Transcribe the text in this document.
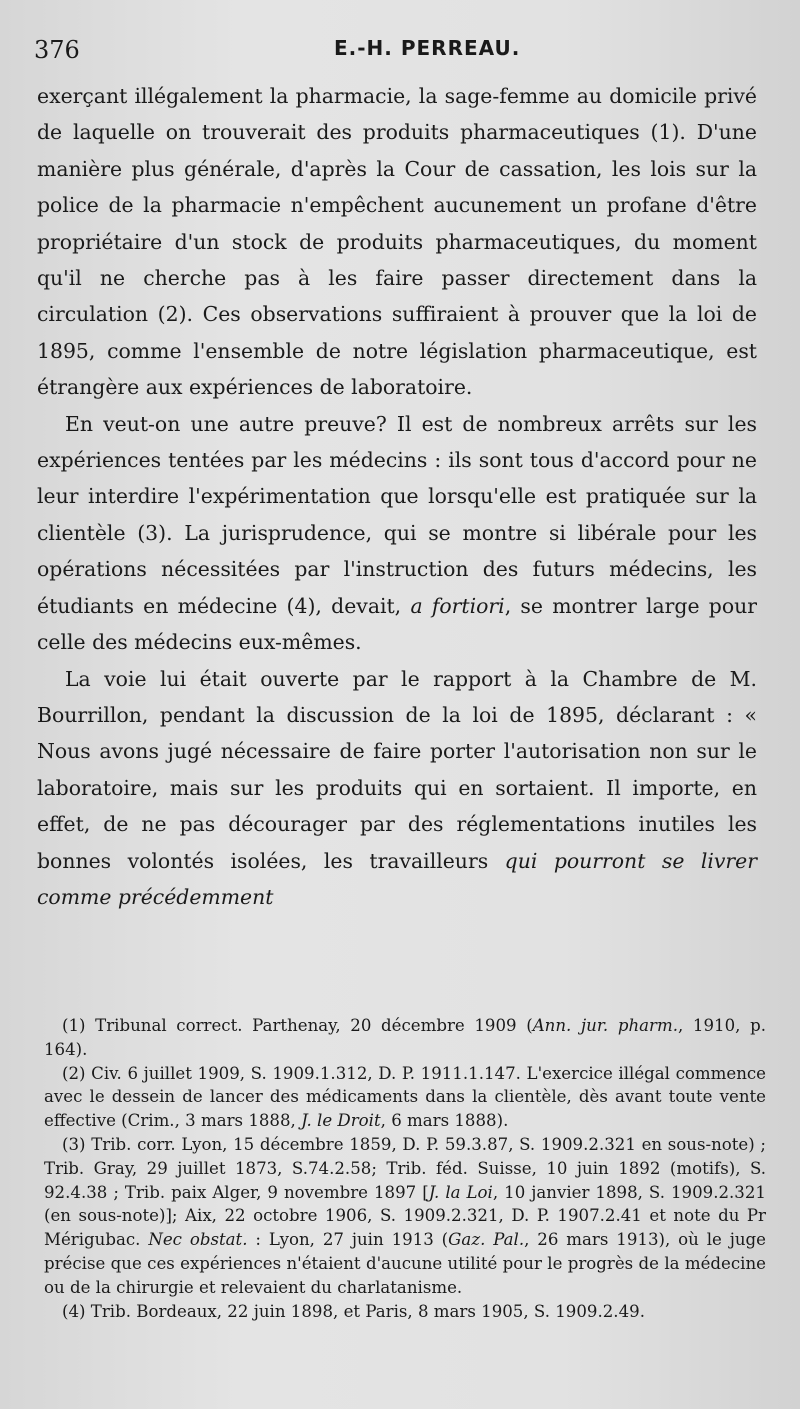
376	E.-H. PERREAU.

exerçant illégalement la pharmacie, la sage-femme au domicile privé de laquelle on trouverait des produits pharmaceutiques (1). D'une manière plus générale, d'après la Cour de cassation, les lois sur la police de la pharmacie n'empêchent aucunement un profane d'être propriétaire d'un stock de produits pharmaceutiques, du moment qu'il ne cherche pas à les faire passer directement dans la circulation (2). Ces observations suffiraient à prouver que la loi de 1895, comme l'ensemble de notre législation pharmaceutique, est étrangère aux expériences de laboratoire.

En veut-on une autre preuve? Il est de nombreux arrêts sur les expériences tentées par les médecins : ils sont tous d'accord pour ne leur interdire l'expérimentation que lorsqu'elle est pratiquée sur la clientèle (3). La jurisprudence, qui se montre si libérale pour les opérations nécessitées par l'instruction des futurs médecins, les étudiants en médecine (4), devait, a fortiori, se montrer large pour celle des médecins eux-mêmes.

La voie lui était ouverte par le rapport à la Chambre de M. Bourrillon, pendant la discussion de la loi de 1895, déclarant : « Nous avons jugé nécessaire de faire porter l'autorisation non sur le laboratoire, mais sur les produits qui en sortaient. Il importe, en effet, de ne pas décourager par des réglementations inutiles les bonnes volontés isolées, les travailleurs qui pourront se livrer comme précédemment

(1) Tribunal correct. Parthenay, 20 décembre 1909 (Ann. jur. pharm., 1910, p. 164).

(2) Civ. 6 juillet 1909, S. 1909.1.312, D. P. 1911.1.147. L'exercice illégal commence avec le dessein de lancer des médicaments dans la clientèle, dès avant toute vente effective (Crim., 3 mars 1888, J. le Droit, 6 mars 1888).

(3) Trib. corr. Lyon, 15 décembre 1859, D. P. 59.3.87, S. 1909.2.321 en sous-note) ; Trib. Gray, 29 juillet 1873, S.74.2.58; Trib. féd. Suisse, 10 juin 1892 (motifs), S. 92.4.38 ; Trib. paix Alger, 9 novembre 1897 [J. la Loi, 10 janvier 1898, S. 1909.2.321 (en sous-note)]; Aix, 22 octobre 1906, S. 1909.2.321, D. P. 1907.2.41 et note du Pr Mérigubac. Nec obstat. : Lyon, 27 juin 1913 (Gaz. Pal., 26 mars 1913), où le juge précise que ces expériences n'étaient d'aucune utilité pour le progrès de la médecine ou de la chirurgie et relevaient du charlatanisme.

(4) Trib. Bordeaux, 22 juin 1898, et Paris, 8 mars 1905, S. 1909.2.49.
